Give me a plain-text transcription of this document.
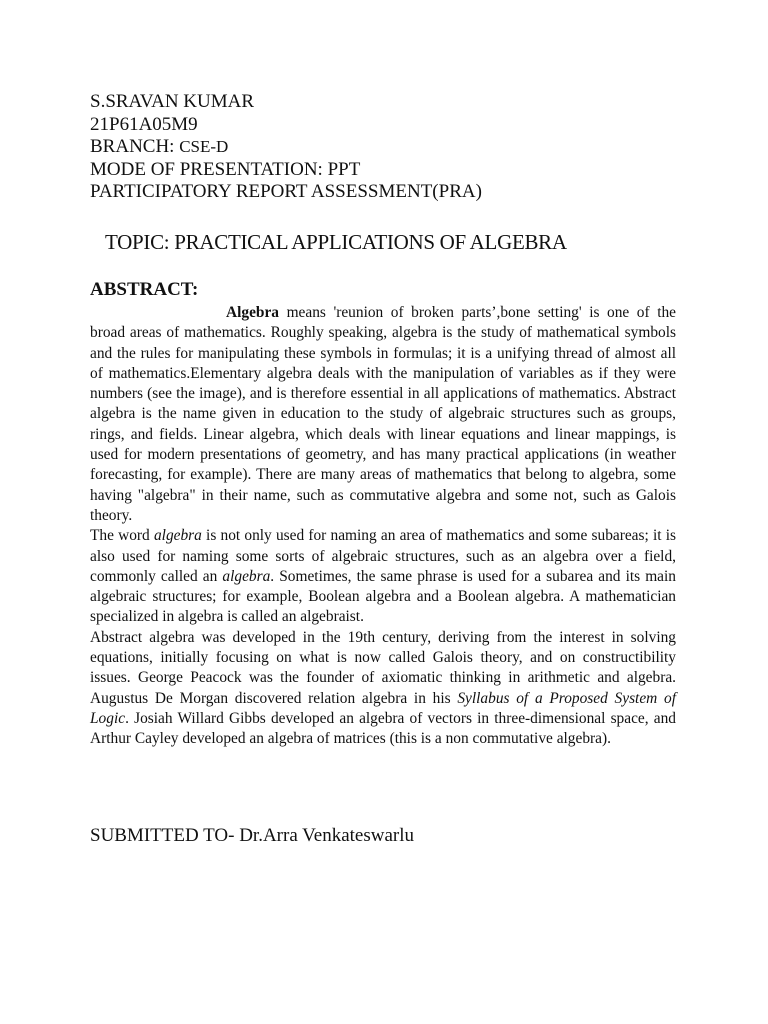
S.SRAVAN KUMAR
21P61A05M9
BRANCH: CSE-D
MODE OF PRESENTATION: PPT
PARTICIPATORY REPORT ASSESSMENT(PRA)
TOPIC: PRACTICAL APPLICATIONS OF ALGEBRA
ABSTRACT:

Algebra means 'reunion of broken parts’,bone setting' is one of the broad areas of mathematics. Roughly speaking, algebra is the study of mathematical symbols and the rules for manipulating these symbols in formulas; it is a unifying thread of almost all of mathematics.Elementary algebra deals with the manipulation of variables as if they were numbers (see the image), and is therefore essential in all applications of mathematics. Abstract algebra is the name given in education to the study of algebraic structures such as groups, rings, and fields. Linear algebra, which deals with linear equations and linear mappings, is used for modern presentations of geometry, and has many practical applications (in weather forecasting, for example). There are many areas of mathematics that belong to algebra, some having "algebra" in their name, such as commutative algebra and some not, such as Galois theory.

The word algebra is not only used for naming an area of mathematics and some subareas; it is also used for naming some sorts of algebraic structures, such as an algebra over a field, commonly called an algebra. Sometimes, the same phrase is used for a subarea and its main algebraic structures; for example, Boolean algebra and a Boolean algebra. A mathematician specialized in algebra is called an algebraist.

Abstract algebra was developed in the 19th century, deriving from the interest in solving equations, initially focusing on what is now called Galois theory, and on constructibility issues. George Peacock was the founder of axiomatic thinking in arithmetic and algebra. Augustus De Morgan discovered relation algebra in his Syllabus of a Proposed System of Logic. Josiah Willard Gibbs developed an algebra of vectors in three-dimensional space, and Arthur Cayley developed an algebra of matrices (this is a non commutative algebra).

SUBMITTED TO- Dr.Arra Venkateswarlu
